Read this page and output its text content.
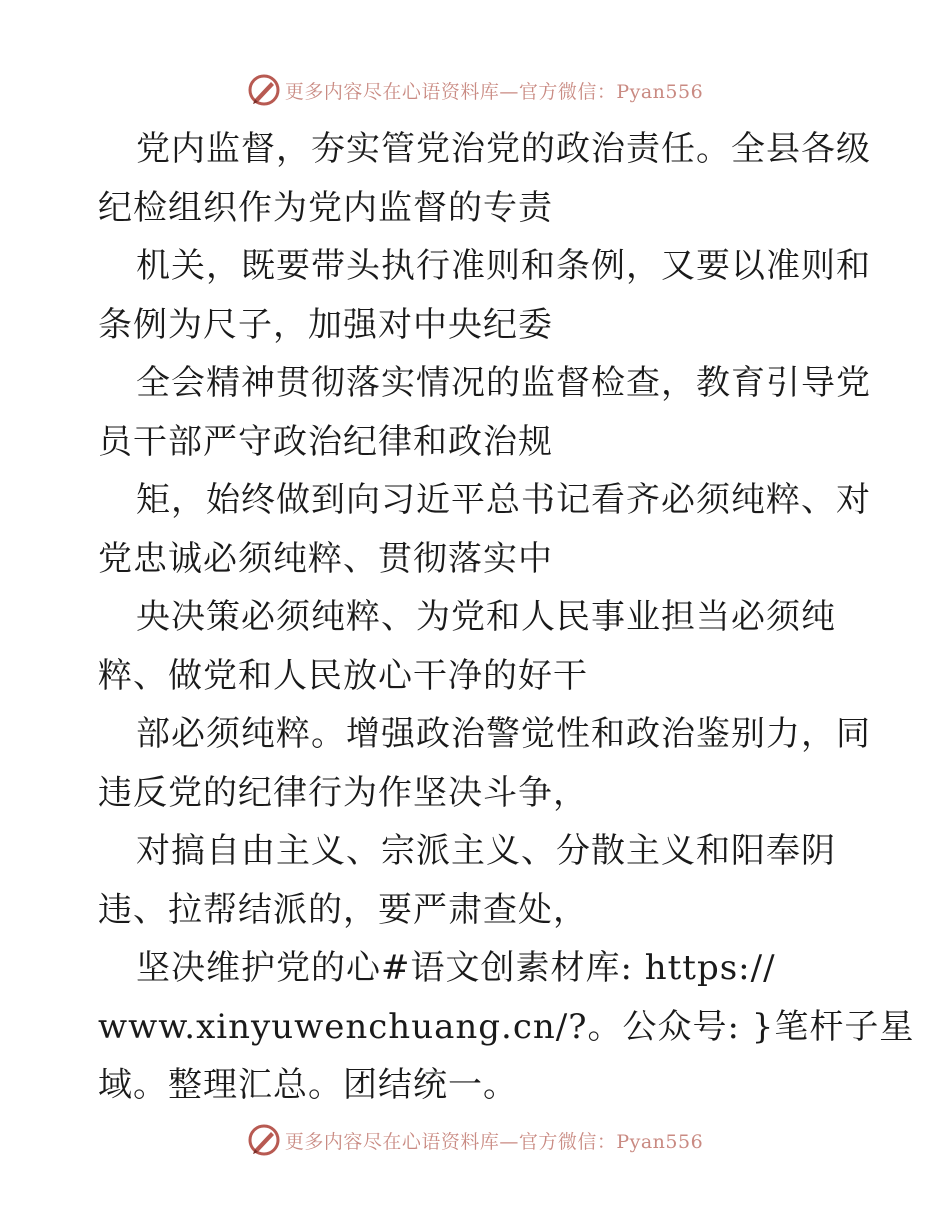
更多内容尽在心语资料库—官方微信：Pyan556
党内监督，夯实管党治党的政治责任。全县各级
纪检组织作为党内监督的专责
机关，既要带头执行准则和条例，又要以准则和
条例为尺子，加强对中央纪委
全会精神贯彻落实情况的监督检查，教育引导党
员干部严守政治纪律和政治规
矩，始终做到向习近平总书记看齐必须纯粹、对
党忠诚必须纯粹、贯彻落实中
央决策必须纯粹、为党和人民事业担当必须纯
粹、做党和人民放心干净的好干
部必须纯粹。增强政治警觉性和政治鉴别力，同
违反党的纪律行为作坚决斗争，
对搞自由主义、宗派主义、分散主义和阳奉阴
违、拉帮结派的，要严肃查处，
坚决维护党的心#语文创素材库: https://
www.xinyuwenchuang.cn/?。公众号: }笔杆子星
域。整理汇总。团结统一。
更多内容尽在心语资料库—官方微信：Pyan556
